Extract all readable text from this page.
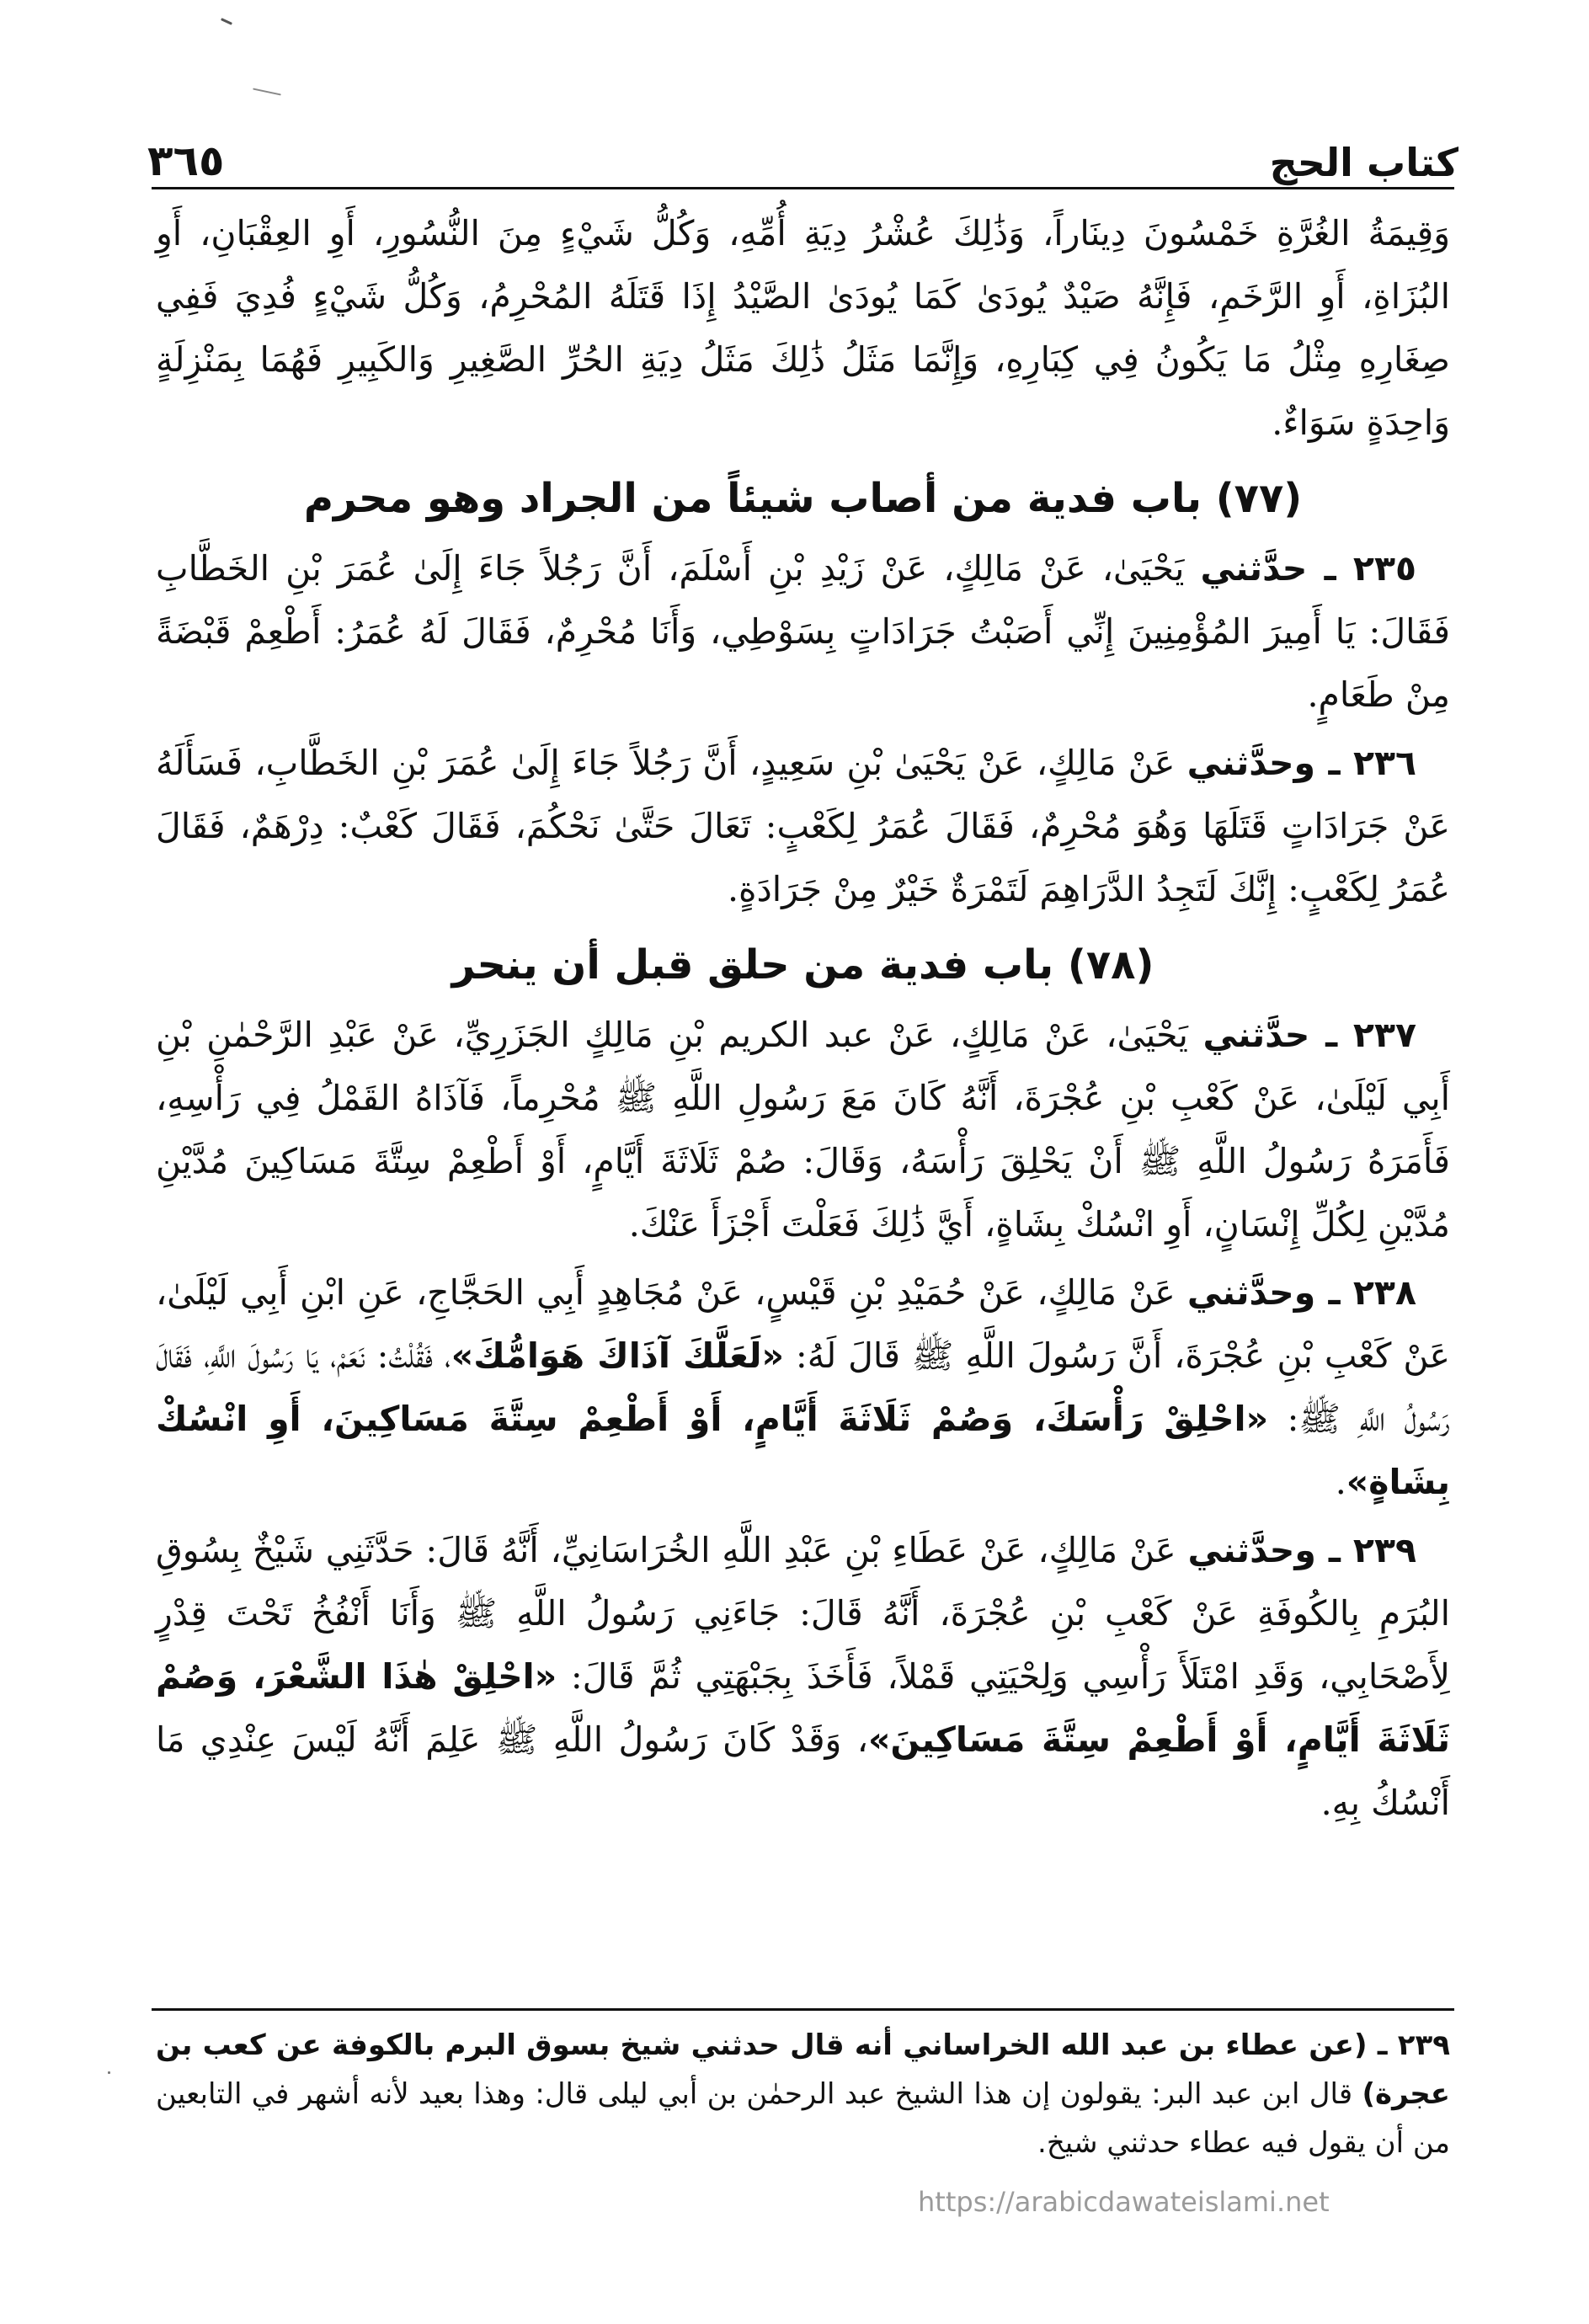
كتاب الحج
٣٦٥

وَقِيمَةُ الغُرَّةِ خَمْسُونَ دِينَاراً، وَذَٰلِكَ عُشْرُ دِيَةِ أُمِّهِ، وَكُلُّ شَيْءٍ مِنَ النُّسُورِ، أَوِ العِقْبَانِ، أَوِ البُزَاةِ، أَوِ الرَّخَمِ، فَإِنَّهُ صَيْدٌ يُودَىٰ كَمَا يُودَىٰ الصَّيْدُ إِذَا قَتَلَهُ المُحْرِمُ، وَكُلُّ شَيْءٍ فُدِيَ فَفِي صِغَارِهِ مِثْلُ مَا يَكُونُ فِي كِبَارِهِ، وَإِنَّمَا مَثَلُ ذَٰلِكَ مَثَلُ دِيَةِ الحُرِّ الصَّغِيرِ وَالكَبِيرِ فَهُمَا بِمَنْزِلَةٍ وَاحِدَةٍ سَوَاءٌ.

(٧٧) باب فدية من أصاب شيئاً من الجراد وهو محرم

٢٣٥ ـ حدَّثني يَحْيَىٰ، عَنْ مَالِكٍ، عَنْ زَيْدِ بْنِ أَسْلَمَ، أَنَّ رَجُلاً جَاءَ إِلَىٰ عُمَرَ بْنِ الخَطَّابِ فَقَالَ: يَا أَمِيرَ المُؤْمِنِينَ إِنِّي أَصَبْتُ جَرَادَاتٍ بِسَوْطِي، وَأَنَا مُحْرِمٌ، فَقَالَ لَهُ عُمَرُ: أَطْعِمْ قَبْضَةً مِنْ طَعَامٍ.

٢٣٦ ـ وحدَّثني عَنْ مَالِكٍ، عَنْ يَحْيَىٰ بْنِ سَعِيدٍ، أَنَّ رَجُلاً جَاءَ إِلَىٰ عُمَرَ بْنِ الخَطَّابِ، فَسَأَلَهُ عَنْ جَرَادَاتٍ قَتَلَهَا وَهُوَ مُحْرِمٌ، فَقَالَ عُمَرُ لِكَعْبٍ: تَعَالَ حَتَّىٰ نَحْكُمَ، فَقَالَ كَعْبٌ: دِرْهَمٌ، فَقَالَ عُمَرُ لِكَعْبٍ: إِنَّكَ لَتَجِدُ الدَّرَاهِمَ لَتَمْرَةٌ خَيْرٌ مِنْ جَرَادَةٍ.

(٧٨) باب فدية من حلق قبل أن ينحر

٢٣٧ ـ حدَّثني يَحْيَىٰ، عَنْ مَالِكٍ، عَنْ عبد الكريم بْنِ مَالِكٍ الجَزَرِيِّ، عَنْ عَبْدِ الرَّحْمٰنِ بْنِ أَبِي لَيْلَىٰ، عَنْ كَعْبِ بْنِ عُجْرَةَ، أَنَّهُ كَانَ مَعَ رَسُولِ اللَّهِ ﷺ مُحْرِماً، فَآذَاهُ القَمْلُ فِي رَأْسِهِ، فَأَمَرَهُ رَسُولُ اللَّهِ ﷺ أَنْ يَحْلِقَ رَأْسَهُ، وَقَالَ: صُمْ ثَلَاثَةَ أَيَّامٍ، أَوْ أَطْعِمْ سِتَّةَ مَسَاكِينَ مُدَّيْنِ مُدَّيْنِ لِكُلِّ إِنْسَانٍ، أَوِ انْسُكْ بِشَاةٍ، أَيَّ ذَٰلِكَ فَعَلْتَ أَجْزَأَ عَنْكَ.

٢٣٨ ـ وحدَّثني عَنْ مَالِكٍ، عَنْ حُمَيْدِ بْنِ قَيْسٍ، عَنْ مُجَاهِدٍ أَبِي الحَجَّاجِ، عَنِ ابْنِ أَبِي لَيْلَىٰ، عَنْ كَعْبِ بْنِ عُجْرَةَ، أَنَّ رَسُولَ اللَّهِ ﷺ قَالَ لَهُ: «لَعَلَّكَ آذَاكَ هَوَامُّكَ»، فَقُلْتُ: نَعَمْ، يَا رَسُولَ اللَّهِ، فَقَالَ رَسُولُ اللَّهِ ﷺ: «احْلِقْ رَأْسَكَ، وَصُمْ ثَلَاثَةَ أَيَّامٍ، أَوْ أَطْعِمْ سِتَّةَ مَسَاكِينَ، أَوِ انْسُكْ بِشَاةٍ».

٢٣٩ ـ وحدَّثني عَنْ مَالِكٍ، عَنْ عَطَاءِ بْنِ عَبْدِ اللَّهِ الخُرَاسَانِيِّ، أَنَّهُ قَالَ: حَدَّثَنِي شَيْخٌ بِسُوقِ البُرَمِ بِالكُوفَةِ عَنْ كَعْبِ بْنِ عُجْرَةَ، أَنَّهُ قَالَ: جَاءَنِي رَسُولُ اللَّهِ ﷺ وَأَنَا أَنْفُخُ تَحْتَ قِدْرٍ لِأَصْحَابِي، وَقَدِ امْتَلَأَ رَأْسِي وَلِحْيَتِي قَمْلاً، فَأَخَذَ بِجَبْهَتِي ثُمَّ قَالَ: «احْلِقْ هٰذَا الشَّعْرَ، وَصُمْ ثَلَاثَةَ أَيَّامٍ، أَوْ أَطْعِمْ سِتَّةَ مَسَاكِينَ»، وَقَدْ كَانَ رَسُولُ اللَّهِ ﷺ عَلِمَ أَنَّهُ لَيْسَ عِنْدِي مَا أَنْسُكُ بِهِ.

٢٣٩ ـ (عن عطاء بن عبد الله الخراساني أنه قال حدثني شيخ بسوق البرم بالكوفة عن كعب بن عجرة) قال ابن عبد البر: يقولون إن هذا الشيخ عبد الرحمٰن بن أبي ليلى قال: وهذا بعيد لأنه أشهر في التابعين من أن يقول فيه عطاء حدثني شيخ.
https://arabicdawateislami.net
